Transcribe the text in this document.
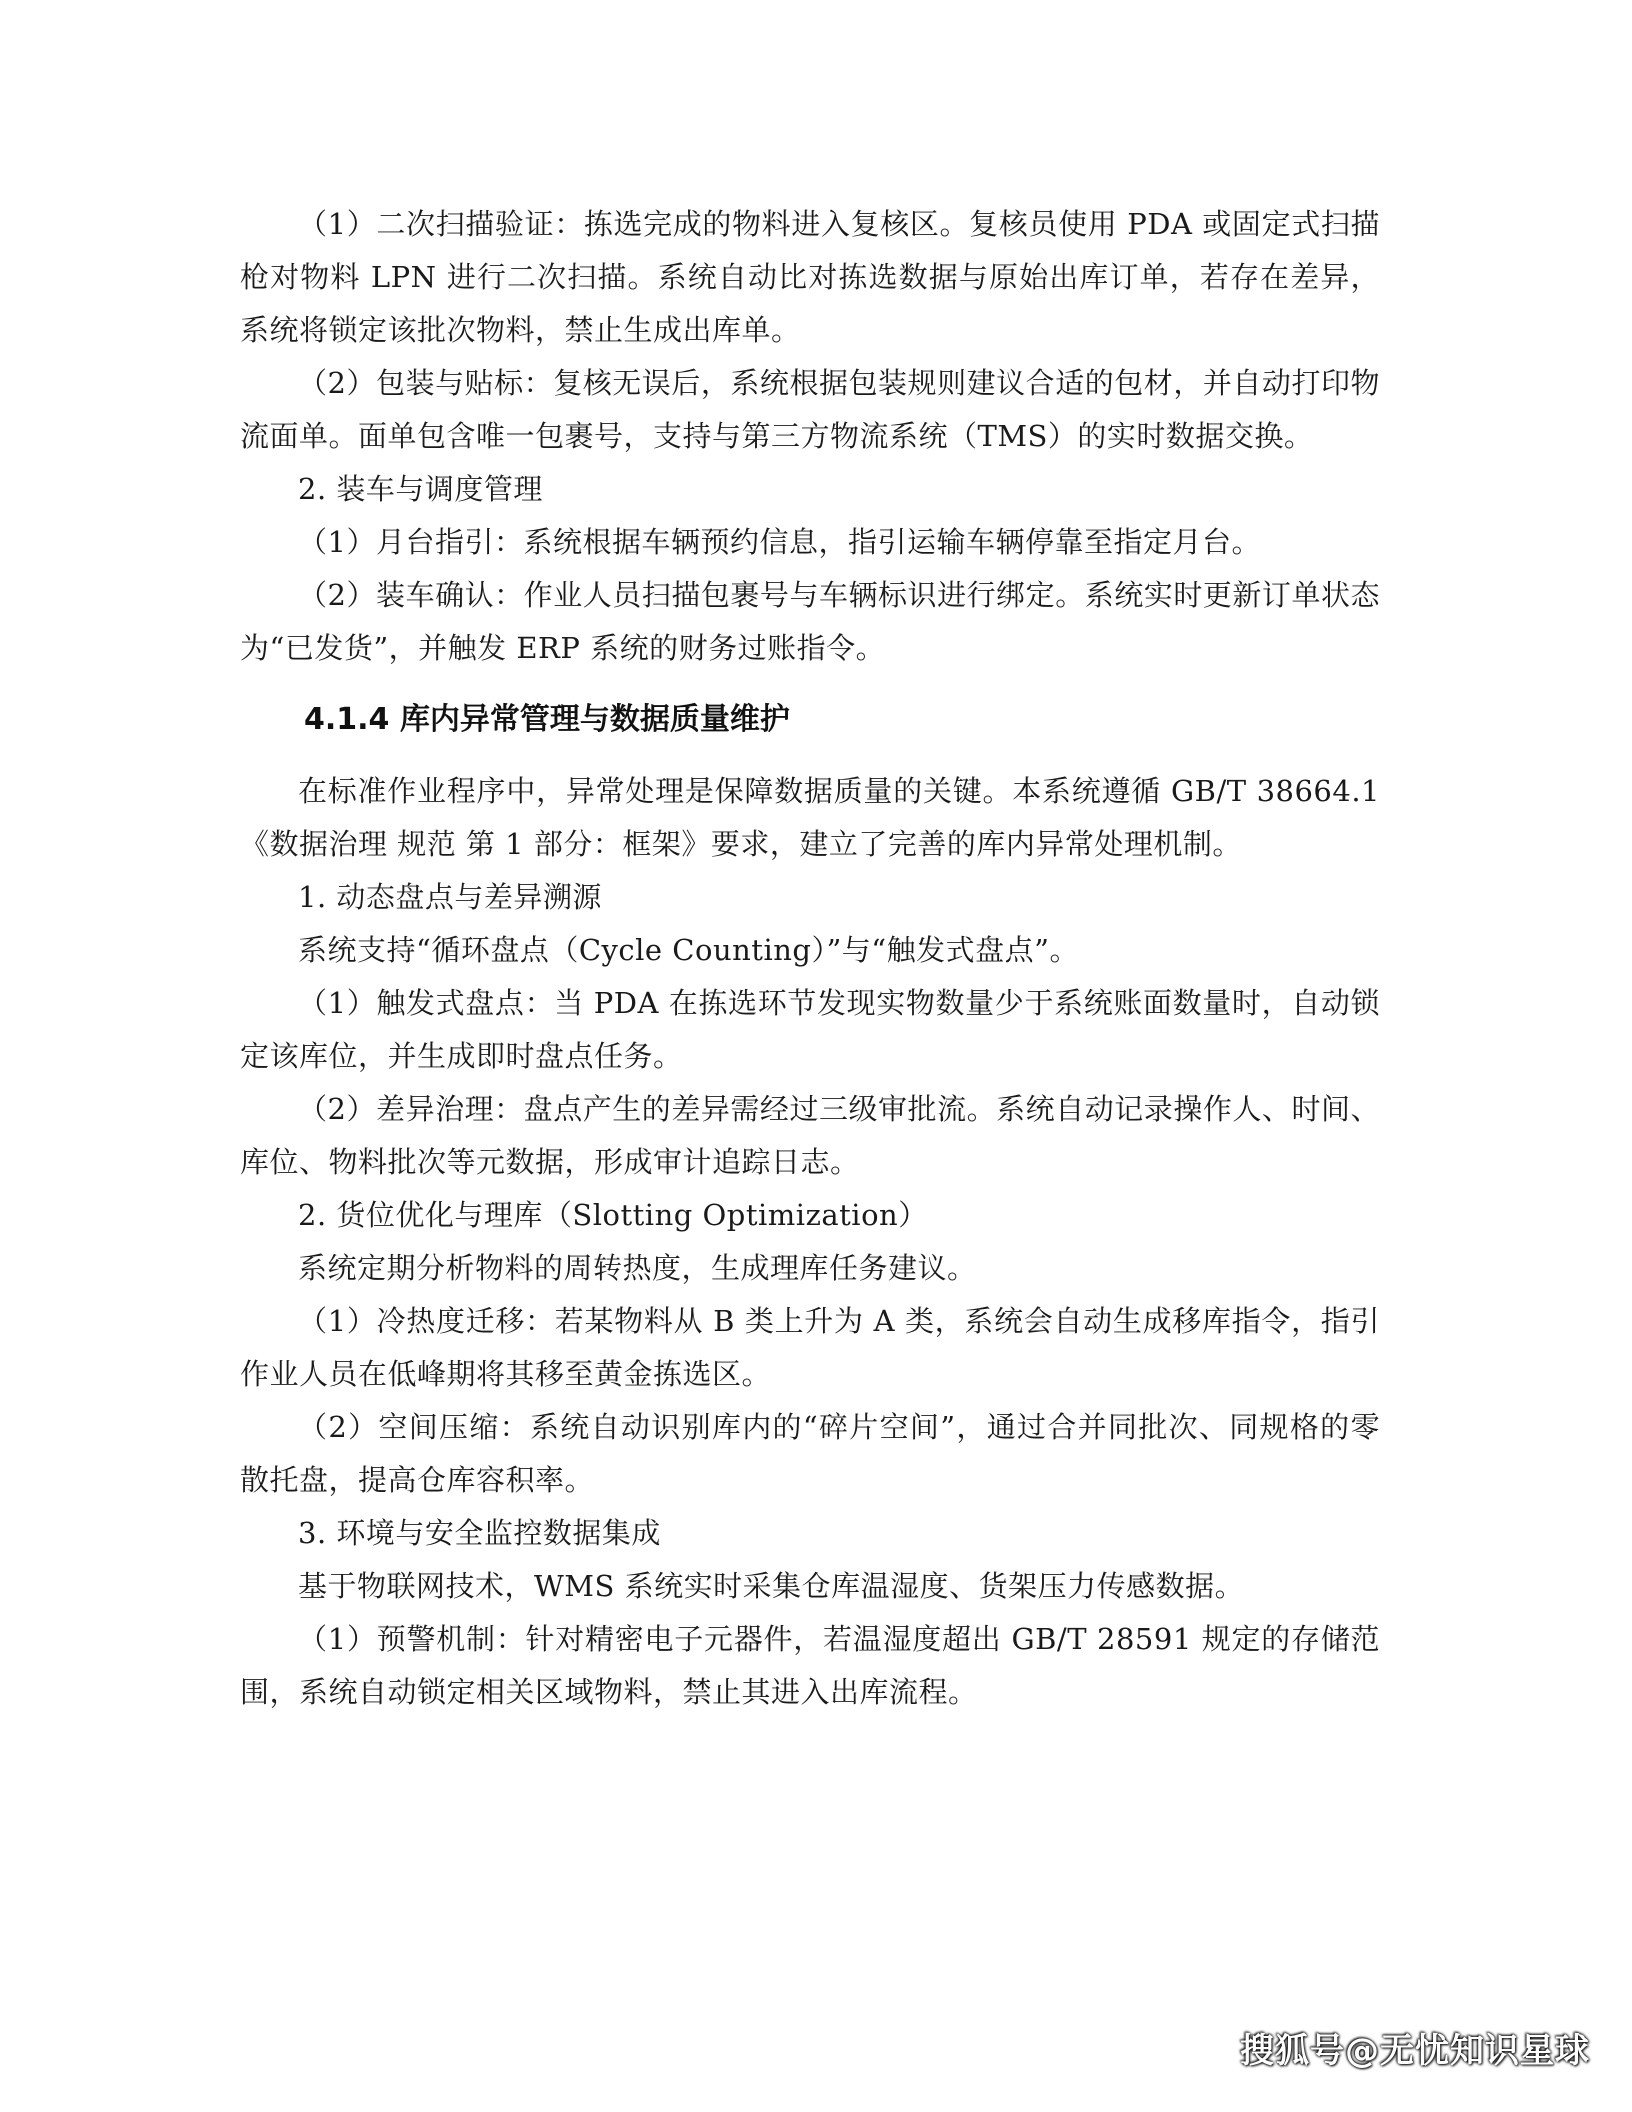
（1）二次扫描验证：拣选完成的物料进入复核区。复核员使用 PDA 或固定式扫描枪对物料 LPN 进行二次扫描。系统自动比对拣选数据与原始出库订单，若存在差异，系统将锁定该批次物料，禁止生成出库单。

（2）包装与贴标：复核无误后，系统根据包装规则建议合适的包材，并自动打印物流面单。面单包含唯一包裹号，支持与第三方物流系统（TMS）的实时数据交换。

2. 装车与调度管理

（1）月台指引：系统根据车辆预约信息，指引运输车辆停靠至指定月台。

（2）装车确认：作业人员扫描包裹号与车辆标识进行绑定。系统实时更新订单状态为“已发货”，并触发 ERP 系统的财务过账指令。

4.1.4 库内异常管理与数据质量维护

在标准作业程序中，异常处理是保障数据质量的关键。本系统遵循 GB/T 38664.1《数据治理 规范 第 1 部分：框架》要求，建立了完善的库内异常处理机制。

1. 动态盘点与差异溯源

系统支持“循环盘点（Cycle Counting）”与“触发式盘点”。

（1）触发式盘点：当 PDA 在拣选环节发现实物数量少于系统账面数量时，自动锁定该库位，并生成即时盘点任务。

（2）差异治理：盘点产生的差异需经过三级审批流。系统自动记录操作人、时间、库位、物料批次等元数据，形成审计追踪日志。

2. 货位优化与理库（Slotting Optimization）

系统定期分析物料的周转热度，生成理库任务建议。

（1）冷热度迁移：若某物料从 B 类上升为 A 类，系统会自动生成移库指令，指引作业人员在低峰期将其移至黄金拣选区。

（2）空间压缩：系统自动识别库内的“碎片空间”，通过合并同批次、同规格的零散托盘，提高仓库容积率。

3. 环境与安全监控数据集成

基于物联网技术，WMS 系统实时采集仓库温湿度、货架压力传感数据。

（1）预警机制：针对精密电子元器件，若温湿度超出 GB/T 28591 规定的存储范围，系统自动锁定相关区域物料，禁止其进入出库流程。

搜狐号@无忧知识星球
